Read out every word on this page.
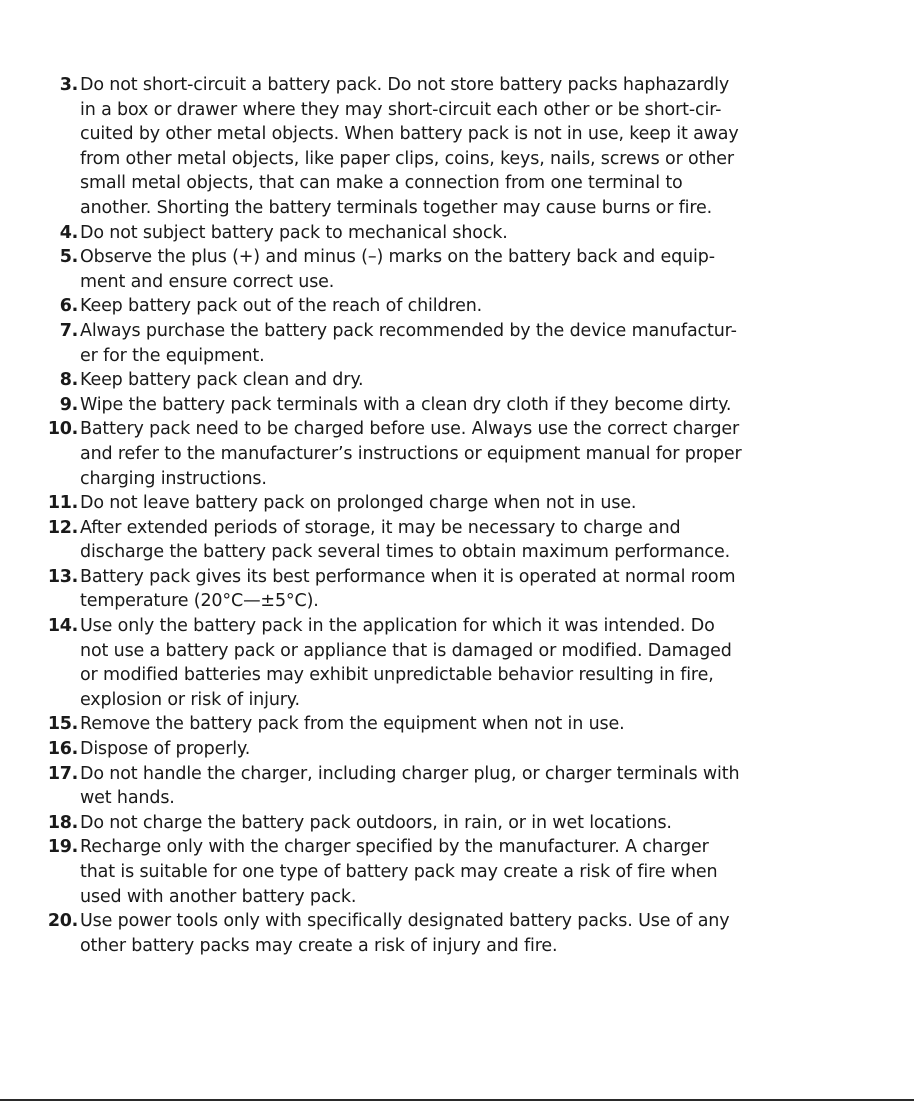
3. Do not short-circuit a battery pack. Do not store battery packs haphazardly
in a box or drawer where they may short-circuit each other or be short-cir-
cuited by other metal objects. When battery pack is not in use, keep it away
from other metal objects, like paper clips, coins, keys, nails, screws or other
small metal objects, that can make a connection from one terminal to
another. Shorting the battery terminals together may cause burns or fire.
4. Do not subject battery pack to mechanical shock.
5. Observe the plus (+) and minus (–) marks on the battery back and equip-
ment and ensure correct use.
6. Keep battery pack out of the reach of children.
7. Always purchase the battery pack recommended by the device manufactur-
er for the equipment.
8. Keep battery pack clean and dry.
9. Wipe the battery pack terminals with a clean dry cloth if they become dirty.
10. Battery pack need to be charged before use. Always use the correct charger
and refer to the manufacturer’s instructions or equipment manual for proper
charging instructions.
11. Do not leave battery pack on prolonged charge when not in use.
12. After extended periods of storage, it may be necessary to charge and
discharge the battery pack several times to obtain maximum performance.
13. Battery pack gives its best performance when it is operated at normal room
temperature (20°C—±5°C).
14. Use only the battery pack in the application for which it was intended. Do
not use a battery pack or appliance that is damaged or modified. Damaged
or modified batteries may exhibit unpredictable behavior resulting in fire,
explosion or risk of injury.
15. Remove the battery pack from the equipment when not in use.
16. Dispose of properly.
17. Do not handle the charger, including charger plug, or charger terminals with
wet hands.
18. Do not charge the battery pack outdoors, in rain, or in wet locations.
19. Recharge only with the charger specified by the manufacturer. A charger
that is suitable for one type of battery pack may create a risk of fire when
used with another battery pack.
20. Use power tools only with specifically designated battery packs. Use of any
other battery packs may create a risk of injury and fire.
